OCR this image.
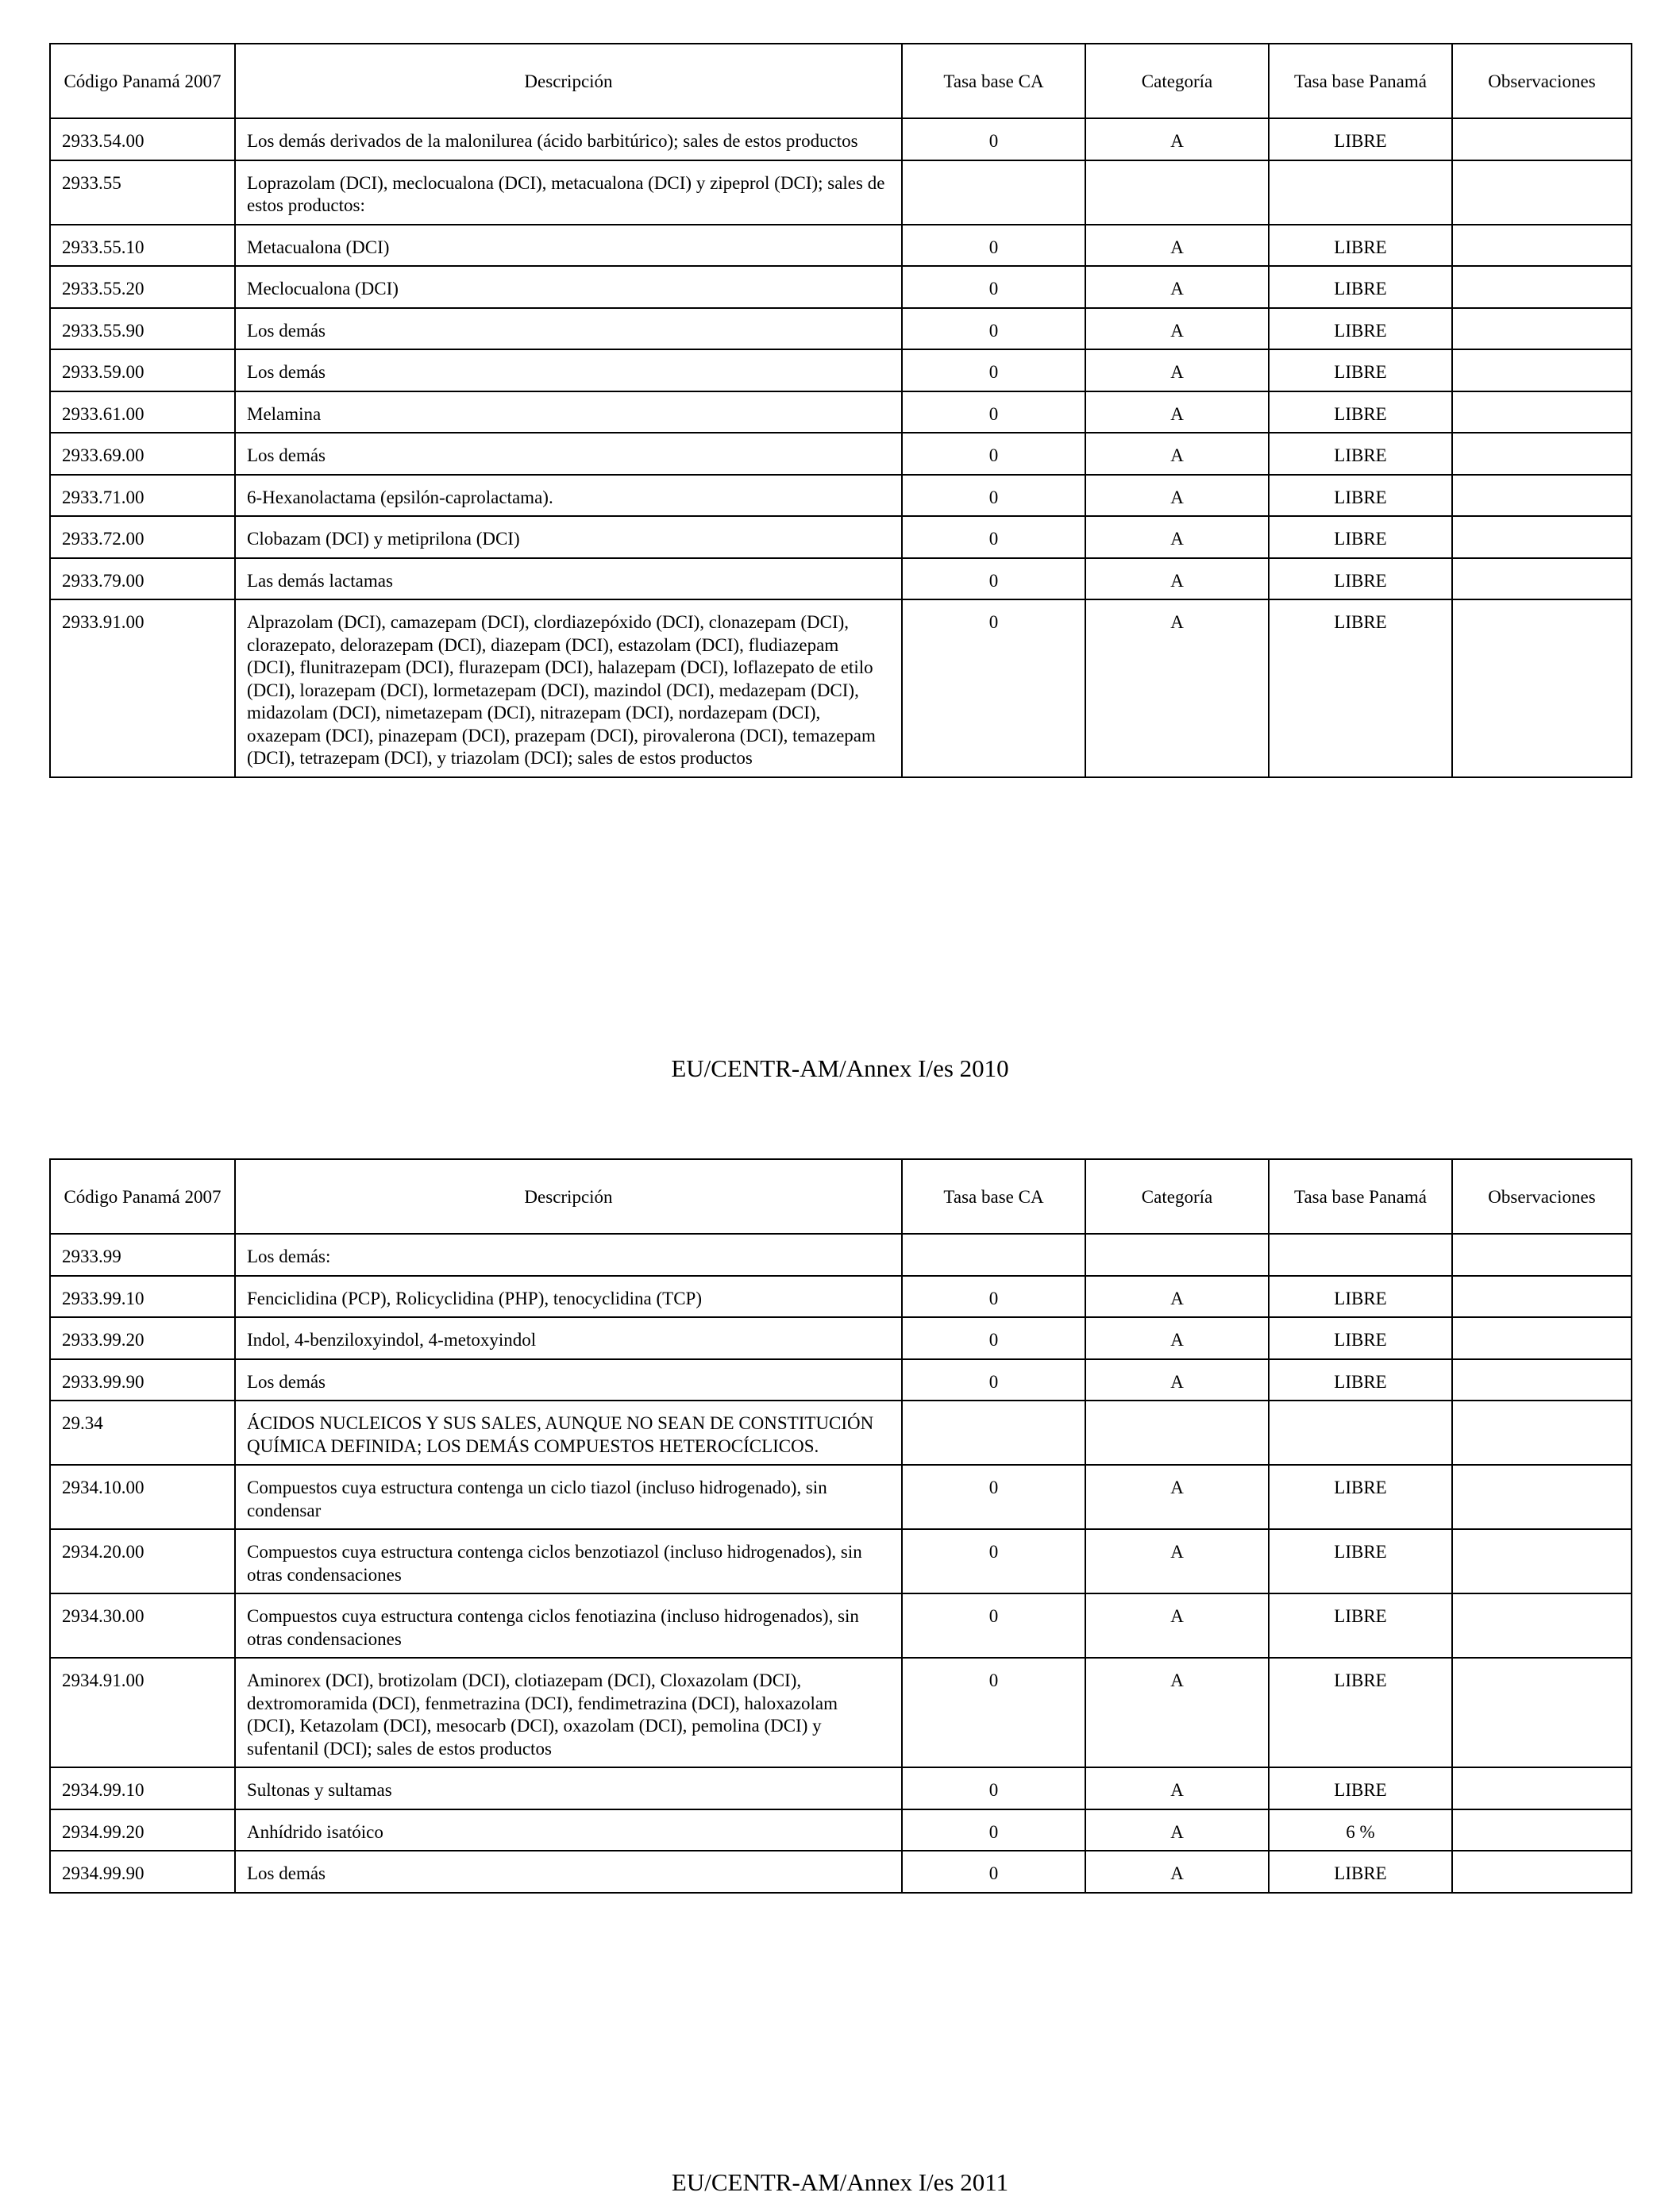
Código Panamá 2007	Descripción	Tasa base CA	Categoría	Tasa base Panamá	Observaciones
2933.54.00	Los demás derivados de la malonilurea (ácido barbitúrico); sales de estos productos	0	A	LIBRE	
2933.55	Loprazolam (DCI), meclocualona (DCI), metacualona (DCI) y zipeprol (DCI); sales de estos productos:				
2933.55.10	Metacualona (DCI)	0	A	LIBRE	
2933.55.20	Meclocualona (DCI)	0	A	LIBRE	
2933.55.90	Los demás	0	A	LIBRE	
2933.59.00	Los demás	0	A	LIBRE	
2933.61.00	Melamina	0	A	LIBRE	
2933.69.00	Los demás	0	A	LIBRE	
2933.71.00	6-Hexanolactama (epsilón-caprolactama).	0	A	LIBRE	
2933.72.00	Clobazam (DCI) y metiprilona (DCI)	0	A	LIBRE	
2933.79.00	Las demás lactamas	0	A	LIBRE	
2933.91.00	Alprazolam (DCI), camazepam (DCI), clordiazepóxido (DCI), clonazepam (DCI), clorazepato, delorazepam (DCI), diazepam (DCI), estazolam (DCI), fludiazepam (DCI), flunitrazepam (DCI), flurazepam (DCI), halazepam (DCI), loflazepato de etilo (DCI), lorazepam (DCI), lormetazepam (DCI), mazindol (DCI), medazepam (DCI), midazolam (DCI), nimetazepam (DCI), nitrazepam (DCI), nordazepam (DCI), oxazepam (DCI), pinazepam (DCI), prazepam (DCI), pirovalerona (DCI), temazepam (DCI), tetrazepam (DCI), y triazolam (DCI); sales de estos productos	0	A	LIBRE	
EU/CENTR-AM/Annex I/es 2010
Código Panamá 2007	Descripción	Tasa base CA	Categoría	Tasa base Panamá	Observaciones
2933.99	Los demás:				
2933.99.10	Fenciclidina (PCP), Rolicyclidina (PHP), tenocyclidina (TCP)	0	A	LIBRE	
2933.99.20	Indol, 4-benziloxyindol, 4-metoxyindol	0	A	LIBRE	
2933.99.90	Los demás	0	A	LIBRE	
29.34	ÁCIDOS NUCLEICOS Y SUS SALES, AUNQUE NO SEAN DE CONSTITUCIÓN QUÍMICA DEFINIDA; LOS DEMÁS COMPUESTOS HETEROCÍCLICOS.				
2934.10.00	Compuestos cuya estructura contenga un ciclo tiazol (incluso hidrogenado), sin condensar	0	A	LIBRE	
2934.20.00	Compuestos cuya estructura contenga ciclos benzotiazol (incluso hidrogenados), sin otras condensaciones	0	A	LIBRE	
2934.30.00	Compuestos cuya estructura contenga ciclos fenotiazina (incluso hidrogenados), sin otras condensaciones	0	A	LIBRE	
2934.91.00	Aminorex (DCI), brotizolam (DCI), clotiazepam (DCI), Cloxazolam (DCI), dextromoramida (DCI), fenmetrazina (DCI), fendimetrazina (DCI), haloxazolam (DCI), Ketazolam (DCI), mesocarb (DCI), oxazolam (DCI), pemolina (DCI) y sufentanil (DCI); sales de estos productos	0	A	LIBRE	
2934.99.10	Sultonas y sultamas	0	A	LIBRE	
2934.99.20	Anhídrido isatóico	0	A	6 %	
2934.99.90	Los demás	0	A	LIBRE	
EU/CENTR-AM/Annex I/es 2011
